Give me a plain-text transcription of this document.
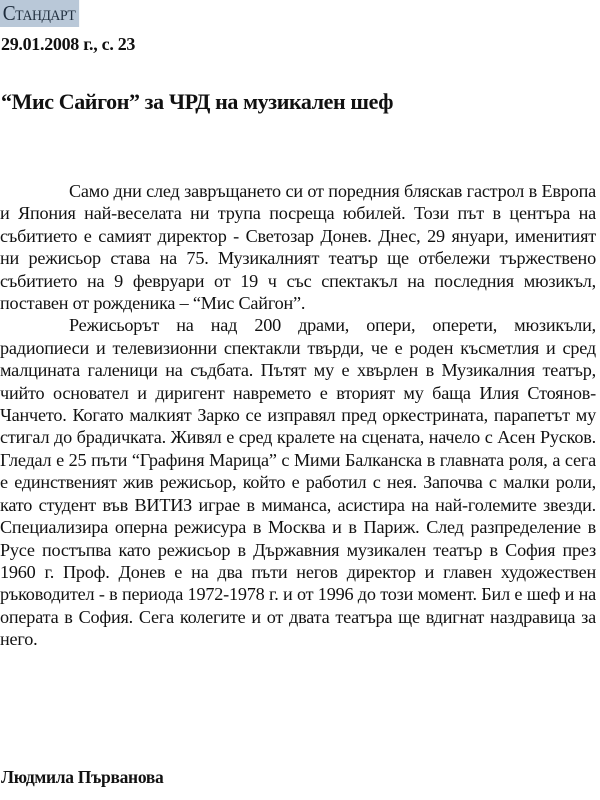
Стандарт
29.01.2008 г., с. 23
“Мис Сайгон” за ЧРД на музикален шеф

Само дни след завръщането си от поредния бляскав гастрол в Европа и Япония най-веселата ни трупа посреща юбилей. Този път в центъра на събитието е самият директор - Светозар Донев. Днес, 29 януари, именитият ни режисьор става на 75. Музикалният театър ще отбележи тържествено събитието на 9 февруари от 19 ч със спектакъл на последния мюзикъл, поставен от рожденика – “Мис Сайгон”.

Режисьорът на над 200 драми, опери, оперети, мюзикъли, радиопиеси и телевизионни спектакли твърди, че е роден късметлия и сред малцината галеници на съдбата. Пътят му е хвърлен в Музикалния театър, чийто основател и диригент навремето е вторият му баща Илия Стоянов-Чанчето. Когато малкият Зарко се изправял пред оркестрината, парапетът му стигал до брадичката. Живял е сред кралете на сцената, начело с Асен Русков. Гледал е 25 пъти “Графиня Марица” с Мими Балканска в главната роля, а сега е единственият жив режисьор, който е работил с нея. Започва с малки роли, като студент във ВИТИЗ играе в миманса, асистира на най-големите звезди. Специализира оперна режисура в Москва и в Париж. След разпределение в Русе постъпва като режисьор в Държавния музикален театър в София през 1960 г. Проф. Донев е на два пъти негов директор и главен художествен ръководител - в периода 1972-1978 г. и от 1996 до този момент. Бил е шеф и на операта в София. Сега колегите и от двата театъра ще вдигнат наздравица за него.

Людмила Първанова
